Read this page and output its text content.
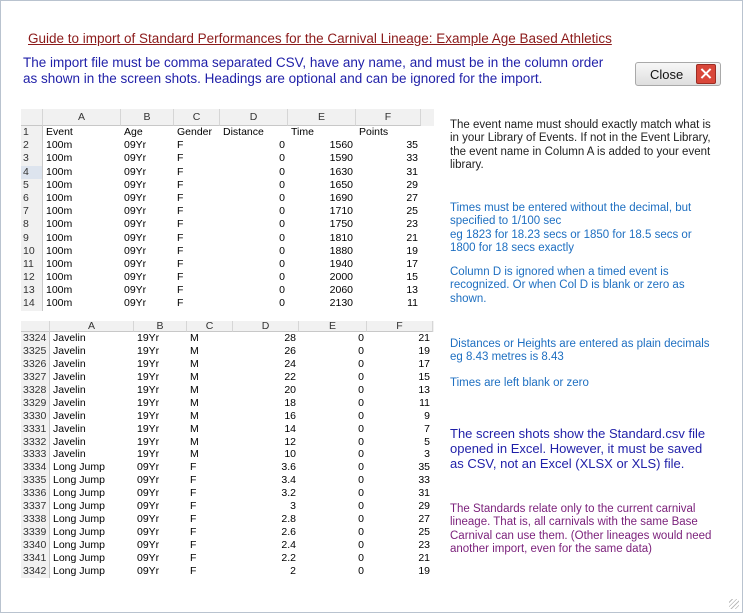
Guide to import of Standard Performances for the Carnival Lineage: Example Age Based Athletics
The import file must be comma separated CSV, have any name, and must be in the column order as shown in the screen shots. Headings are optional and can be ignored for the import.	Close
A	B	C	D	E	F
1	Event	Age	Gender	Distance	Time	Points
2	100m	09Yr	F	0	1560	35
3	100m	09Yr	F	0	1590	33
4	100m	09Yr	F	0	1630	31
5	100m	09Yr	F	0	1650	29
6	100m	09Yr	F	0	1690	27
7	100m	09Yr	F	0	1710	25
8	100m	09Yr	F	0	1750	23
9	100m	09Yr	F	0	1810	21
10	100m	09Yr	F	0	1880	19
11	100m	09Yr	F	0	1940	17
12	100m	09Yr	F	0	2000	15
13	100m	09Yr	F	0	2060	13
14	100m	09Yr	F	0	2130	11
A	B	C	D	E	F
3324 Javelin	19Yr	M	28	0	21
3325 Javelin	19Yr	M	26	0	19
3326 Javelin	19Yr	M	24	0	17
3327 Javelin	19Yr	M	22	0	15
3328 Javelin	19Yr	M	20	0	13
3329 Javelin	19Yr	M	18	0	11
3330 Javelin	19Yr	M	16	0	9
3331 Javelin	19Yr	M	14	0	7
3332 Javelin	19Yr	M	12	0	5
3333 Javelin	19Yr	M	10	0	3
3334 Long Jump	09Yr	F	3.6	0	35
3335 Long Jump	09Yr	F	3.4	0	33
3336 Long Jump	09Yr	F	3.2	0	31
3337 Long Jump	09Yr	F	3	0	29
3338 Long Jump	09Yr	F	2.8	0	27
3339 Long Jump	09Yr	F	2.6	0	25
3340 Long Jump	09Yr	F	2.4	0	23
3341 Long Jump	09Yr	F	2.2	0	21
3342 Long Jump	09Yr	F	2	0	19
The event name must should exactly match what is in your Library of Events. If not in the Event Library, the event name in Column A is added to your event library.
Times must be entered without the decimal, but specified to 1/100 sec
eg 1823 for 18.23 secs or 1850 for 18.5 secs or 1800 for 18 secs exactly
Column D is ignored when a timed event is recognized. Or when Col D is blank or zero as shown.
Distances or Heights are entered as plain decimals eg 8.43 metres is 8.43
Times are left blank or zero
The screen shots show the Standard.csv file opened in Excel. However, it must be saved as CSV, not an Excel (XLSX or XLS) file.
The Standards relate only to the current carnival lineage. That is, all carnivals with the same Base Carnival can use them. (Other lineages would need another import, even for the same data)
